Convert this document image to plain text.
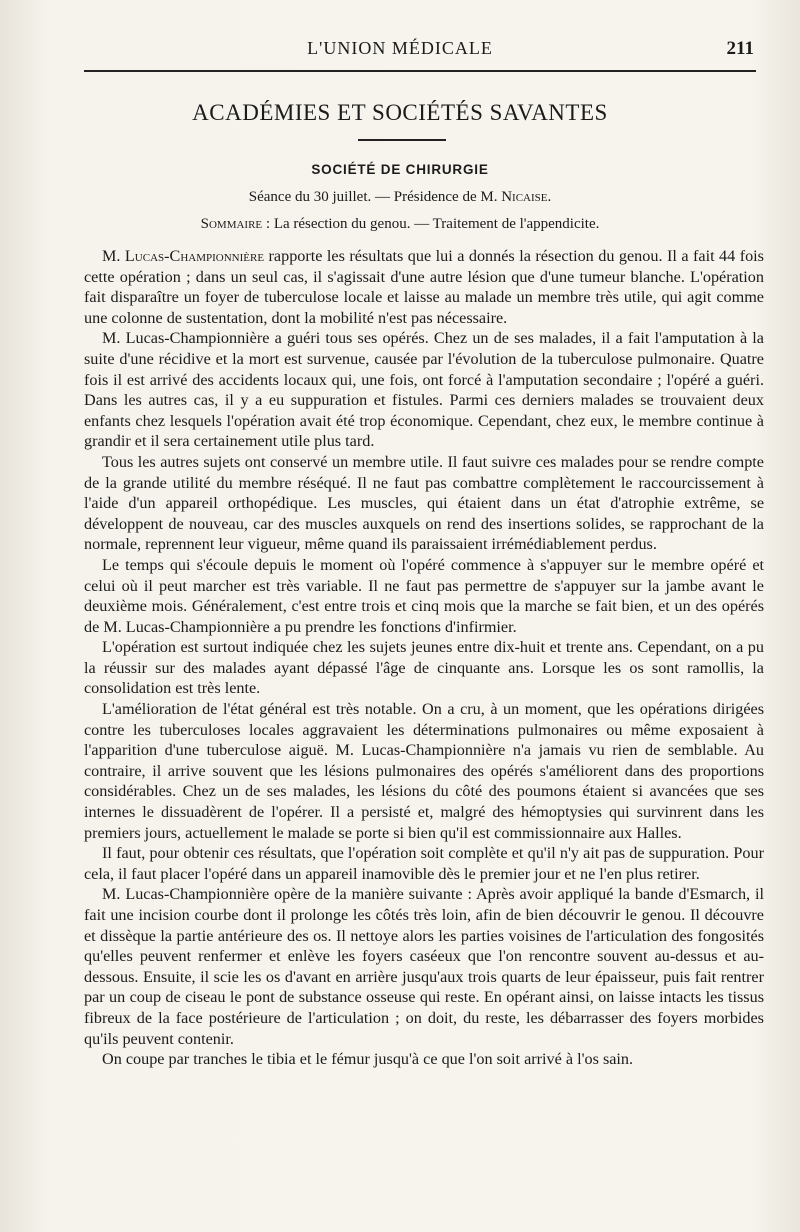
L'UNION MÉDICALE	211
ACADÉMIES ET SOCIÉTÉS SAVANTES
SOCIÉTÉ DE CHIRURGIE
Séance du 30 juillet. — Présidence de M. Nicaise.
Sommaire : La résection du genou. — Traitement de l'appendicite.

M. Lucas-Championnière rapporte les résultats que lui a donnés la résection du genou. Il a fait 44 fois cette opération ; dans un seul cas, il s'agissait d'une autre lésion que d'une tumeur blanche. L'opération fait disparaître un foyer de tuberculose locale et laisse au malade un membre très utile, qui agit comme une colonne de sustentation, dont la mobilité n'est pas nécessaire.

M. Lucas-Championnière a guéri tous ses opérés. Chez un de ses malades, il a fait l'amputation à la suite d'une récidive et la mort est survenue, causée par l'évolution de la tuberculose pulmonaire. Quatre fois il est arrivé des accidents locaux qui, une fois, ont forcé à l'amputation secondaire ; l'opéré a guéri. Dans les autres cas, il y a eu suppuration et fistules. Parmi ces derniers malades se trouvaient deux enfants chez lesquels l'opération avait été trop économique. Cependant, chez eux, le membre continue à grandir et il sera certainement utile plus tard.

Tous les autres sujets ont conservé un membre utile. Il faut suivre ces malades pour se rendre compte de la grande utilité du membre réséqué. Il ne faut pas combattre complètement le raccourcissement à l'aide d'un appareil orthopédique. Les muscles, qui étaient dans un état d'atrophie extrême, se développent de nouveau, car des muscles auxquels on rend des insertions solides, se rapprochant de la normale, reprennent leur vigueur, même quand ils paraissaient irrémédiablement perdus.

Le temps qui s'écoule depuis le moment où l'opéré commence à s'appuyer sur le membre opéré et celui où il peut marcher est très variable. Il ne faut pas permettre de s'appuyer sur la jambe avant le deuxième mois. Généralement, c'est entre trois et cinq mois que la marche se fait bien, et un des opérés de M. Lucas-Championnière a pu prendre les fonctions d'infirmier.

L'opération est surtout indiquée chez les sujets jeunes entre dix-huit et trente ans. Cependant, on a pu la réussir sur des malades ayant dépassé l'âge de cinquante ans. Lorsque les os sont ramollis, la consolidation est très lente.

L'amélioration de l'état général est très notable. On a cru, à un moment, que les opérations dirigées contre les tuberculoses locales aggravaient les déterminations pulmonaires ou même exposaient à l'apparition d'une tuberculose aiguë. M. Lucas-Championnière n'a jamais vu rien de semblable. Au contraire, il arrive souvent que les lésions pulmonaires des opérés s'améliorent dans des proportions considérables. Chez un de ses malades, les lésions du côté des poumons étaient si avancées que ses internes le dissuadèrent de l'opérer. Il a persisté et, malgré des hémoptysies qui survinrent dans les premiers jours, actuellement le malade se porte si bien qu'il est commissionnaire aux Halles.

Il faut, pour obtenir ces résultats, que l'opération soit complète et qu'il n'y ait pas de suppuration. Pour cela, il faut placer l'opéré dans un appareil inamovible dès le premier jour et ne l'en plus retirer.

M. Lucas-Championnière opère de la manière suivante : Après avoir appliqué la bande d'Esmarch, il fait une incision courbe dont il prolonge les côtés très loin, afin de bien découvrir le genou. Il découvre et dissèque la partie antérieure des os. Il nettoye alors les parties voisines de l'articulation des fongosités qu'elles peuvent renfermer et enlève les foyers caséeux que l'on rencontre souvent au-dessus et au-dessous. Ensuite, il scie les os d'avant en arrière jusqu'aux trois quarts de leur épaisseur, puis fait rentrer par un coup de ciseau le pont de substance osseuse qui reste. En opérant ainsi, on laisse intacts les tissus fibreux de la face postérieure de l'articulation ; on doit, du reste, les débarrasser des foyers morbides qu'ils peuvent contenir.

On coupe par tranches le tibia et le fémur jusqu'à ce que l'on soit arrivé à l'os sain.
